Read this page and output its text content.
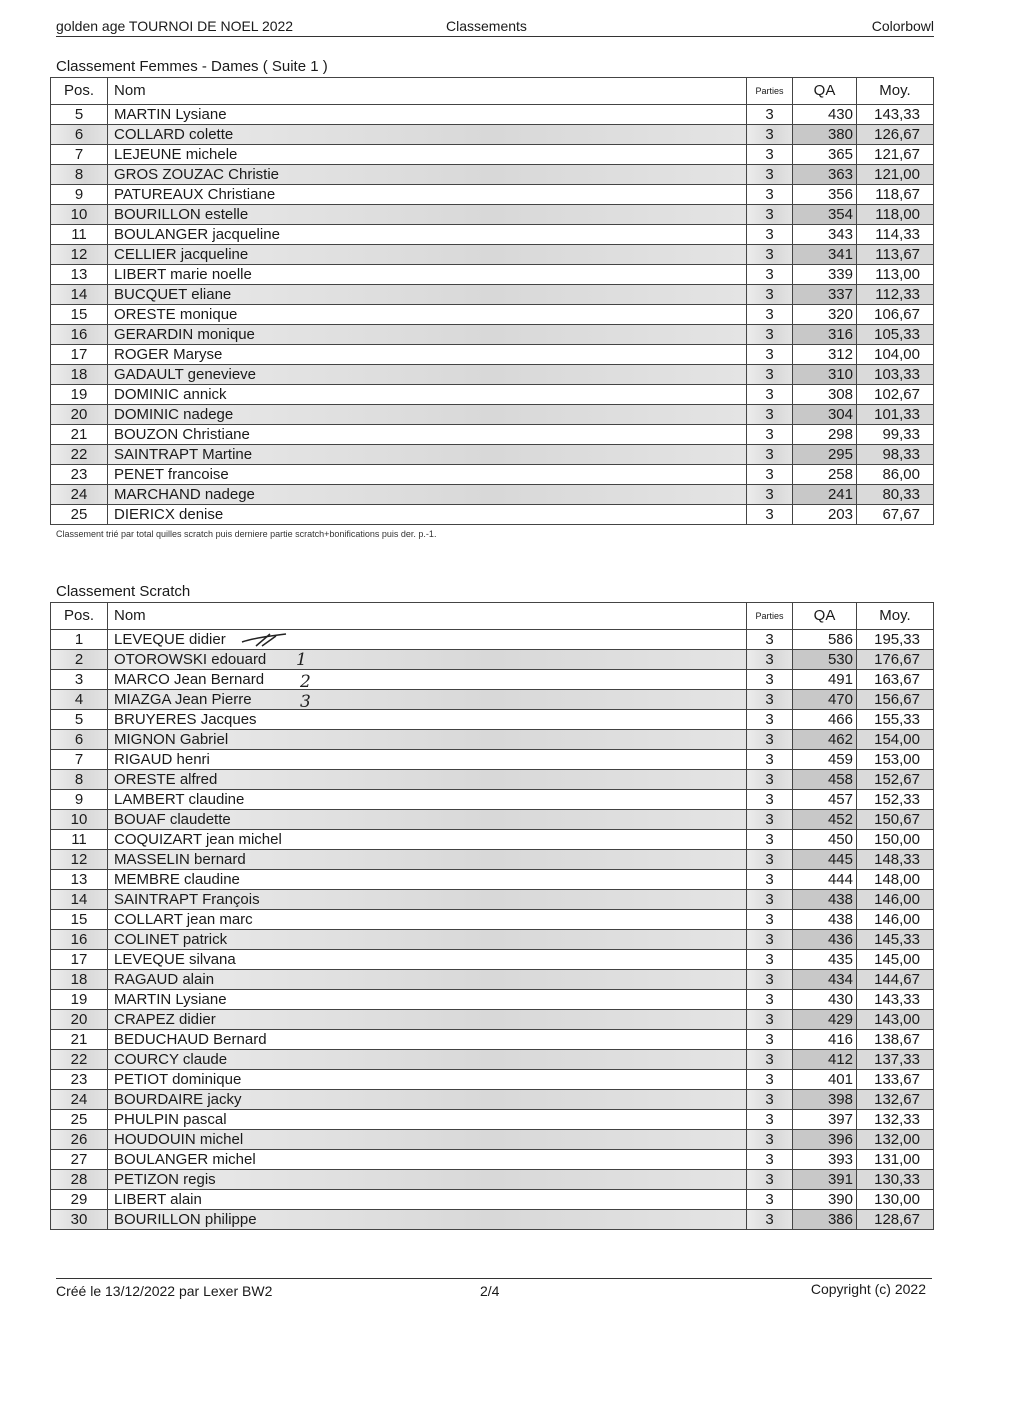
golden age TOURNOI DE NOEL 2022	Classements	Colorbowl
Classement Femmes - Dames ( Suite 1 )
Pos.	Nom	Parties	QA	Moy.
5	MARTIN Lysiane	3	430	143,33
6	COLLARD colette	3	380	126,67
7	LEJEUNE michele	3	365	121,67
8	GROS ZOUZAC Christie	3	363	121,00
9	PATUREAUX Christiane	3	356	118,67
10	BOURILLON estelle	3	354	118,00
11	BOULANGER jacqueline	3	343	114,33
12	CELLIER jacqueline	3	341	113,67
13	LIBERT marie noelle	3	339	113,00
14	BUCQUET eliane	3	337	112,33
15	ORESTE monique	3	320	106,67
16	GERARDIN monique	3	316	105,33
17	ROGER Maryse	3	312	104,00
18	GADAULT genevieve	3	310	103,33
19	DOMINIC annick	3	308	102,67
20	DOMINIC nadege	3	304	101,33
21	BOUZON Christiane	3	298	99,33
22	SAINTRAPT Martine	3	295	98,33
23	PENET francoise	3	258	86,00
24	MARCHAND nadege	3	241	80,33
25	DIERICX denise	3	203	67,67
Classement trié par total quilles scratch puis derniere partie scratch+bonifications puis der. p.-1.
Classement Scratch
Pos.	Nom	Parties	QA	Moy.
1	LEVEQUE didier	3	586	195,33
2	OTOROWSKI edouard	3	530	176,67
3	MARCO Jean Bernard	3	491	163,67
4	MIAZGA Jean Pierre	3	470	156,67
5	BRUYERES Jacques	3	466	155,33
6	MIGNON Gabriel	3	462	154,00
7	RIGAUD henri	3	459	153,00
8	ORESTE alfred	3	458	152,67
9	LAMBERT claudine	3	457	152,33
10	BOUAF claudette	3	452	150,67
11	COQUIZART jean michel	3	450	150,00
12	MASSELIN bernard	3	445	148,33
13	MEMBRE claudine	3	444	148,00
14	SAINTRAPT François	3	438	146,00
15	COLLART jean marc	3	438	146,00
16	COLINET patrick	3	436	145,33
17	LEVEQUE silvana	3	435	145,00
18	RAGAUD alain	3	434	144,67
19	MARTIN Lysiane	3	430	143,33
20	CRAPEZ didier	3	429	143,00
21	BEDUCHAUD Bernard	3	416	138,67
22	COURCY claude	3	412	137,33
23	PETIOT dominique	3	401	133,67
24	BOURDAIRE jacky	3	398	132,67
25	PHULPIN pascal	3	397	132,33
26	HOUDOUIN michel	3	396	132,00
27	BOULANGER michel	3	393	131,00
28	PETIZON regis	3	391	130,33
29	LIBERT alain	3	390	130,00
30	BOURILLON philippe	3	386	128,67
1
2
3
Créé le 13/12/2022 par Lexer BW2	2/4	Copyright (c) 2022
